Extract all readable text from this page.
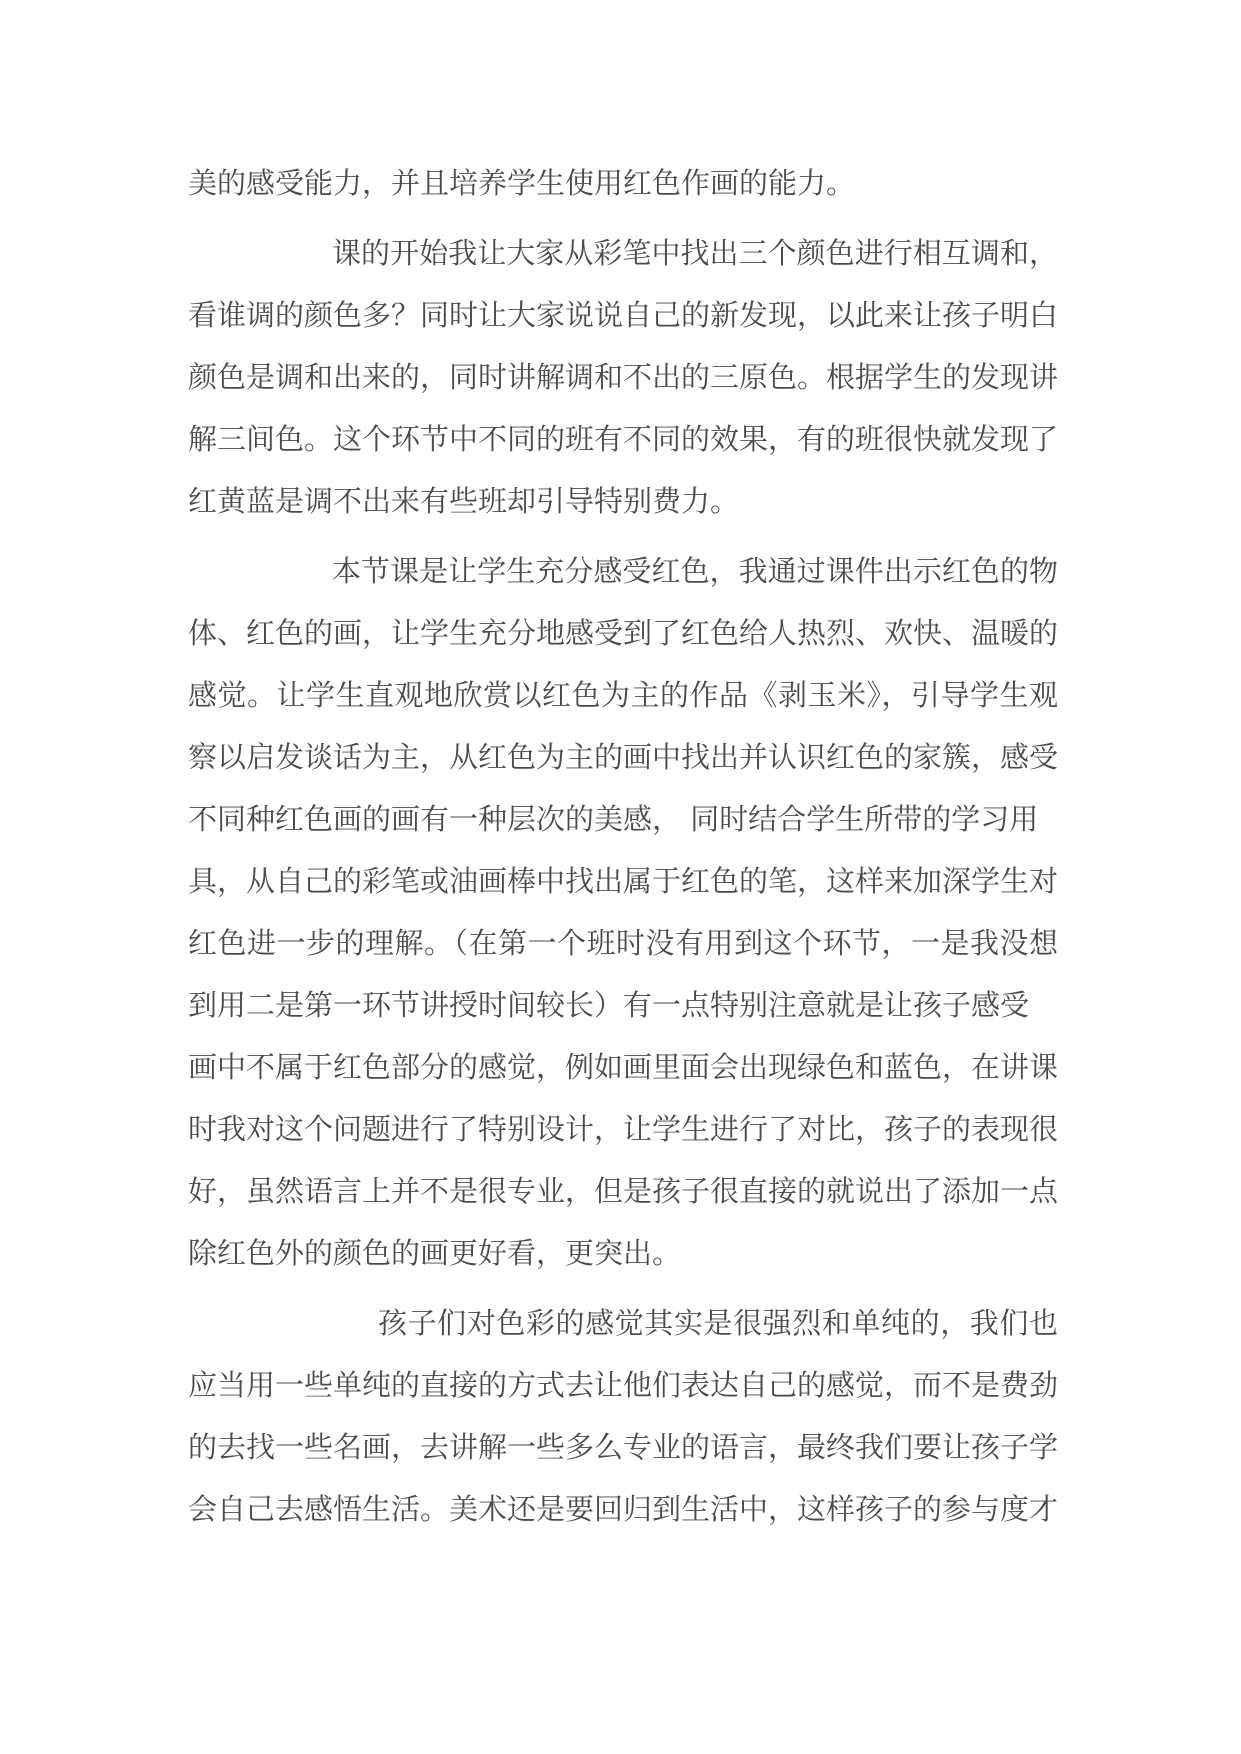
美的感受能力，并且培养学生使用红色作画的能力。
课的开始我让大家从彩笔中找出三个颜色进行相互调和，
看谁调的颜色多？同时让大家说说自己的新发现，以此来让孩子明白
颜色是调和出来的，同时讲解调和不出的三原色。根据学生的发现讲
解三间色。这个环节中不同的班有不同的效果，有的班很快就发现了
红黄蓝是调不出来有些班却引导特别费力。
本节课是让学生充分感受红色，我通过课件出示红色的物
体、红色的画，让学生充分地感受到了红色给人热烈、欢快、温暖的
感觉。让学生直观地欣赏以红色为主的作品《剥玉米》，引导学生观
察以启发谈话为主，从红色为主的画中找出并认识红色的家簇，感受
不同种红色画的画有一种层次的美感， 同时结合学生所带的学习用
具，从自己的彩笔或油画棒中找出属于红色的笔，这样来加深学生对
红色进一步的理解。（在第一个班时没有用到这个环节，一是我没想
到用二是第一环节讲授时间较长）有一点特别注意就是让孩子感受
画中不属于红色部分的感觉，例如画里面会出现绿色和蓝色，在讲课
时我对这个问题进行了特别设计，让学生进行了对比，孩子的表现很
好，虽然语言上并不是很专业，但是孩子很直接的就说出了添加一点
除红色外的颜色的画更好看，更突出。
孩子们对色彩的感觉其实是很强烈和单纯的，我们也
应当用一些单纯的直接的方式去让他们表达自己的感觉，而不是费劲
的去找一些名画，去讲解一些多么专业的语言，最终我们要让孩子学
会自己去感悟生活。美术还是要回归到生活中，这样孩子的参与度才
